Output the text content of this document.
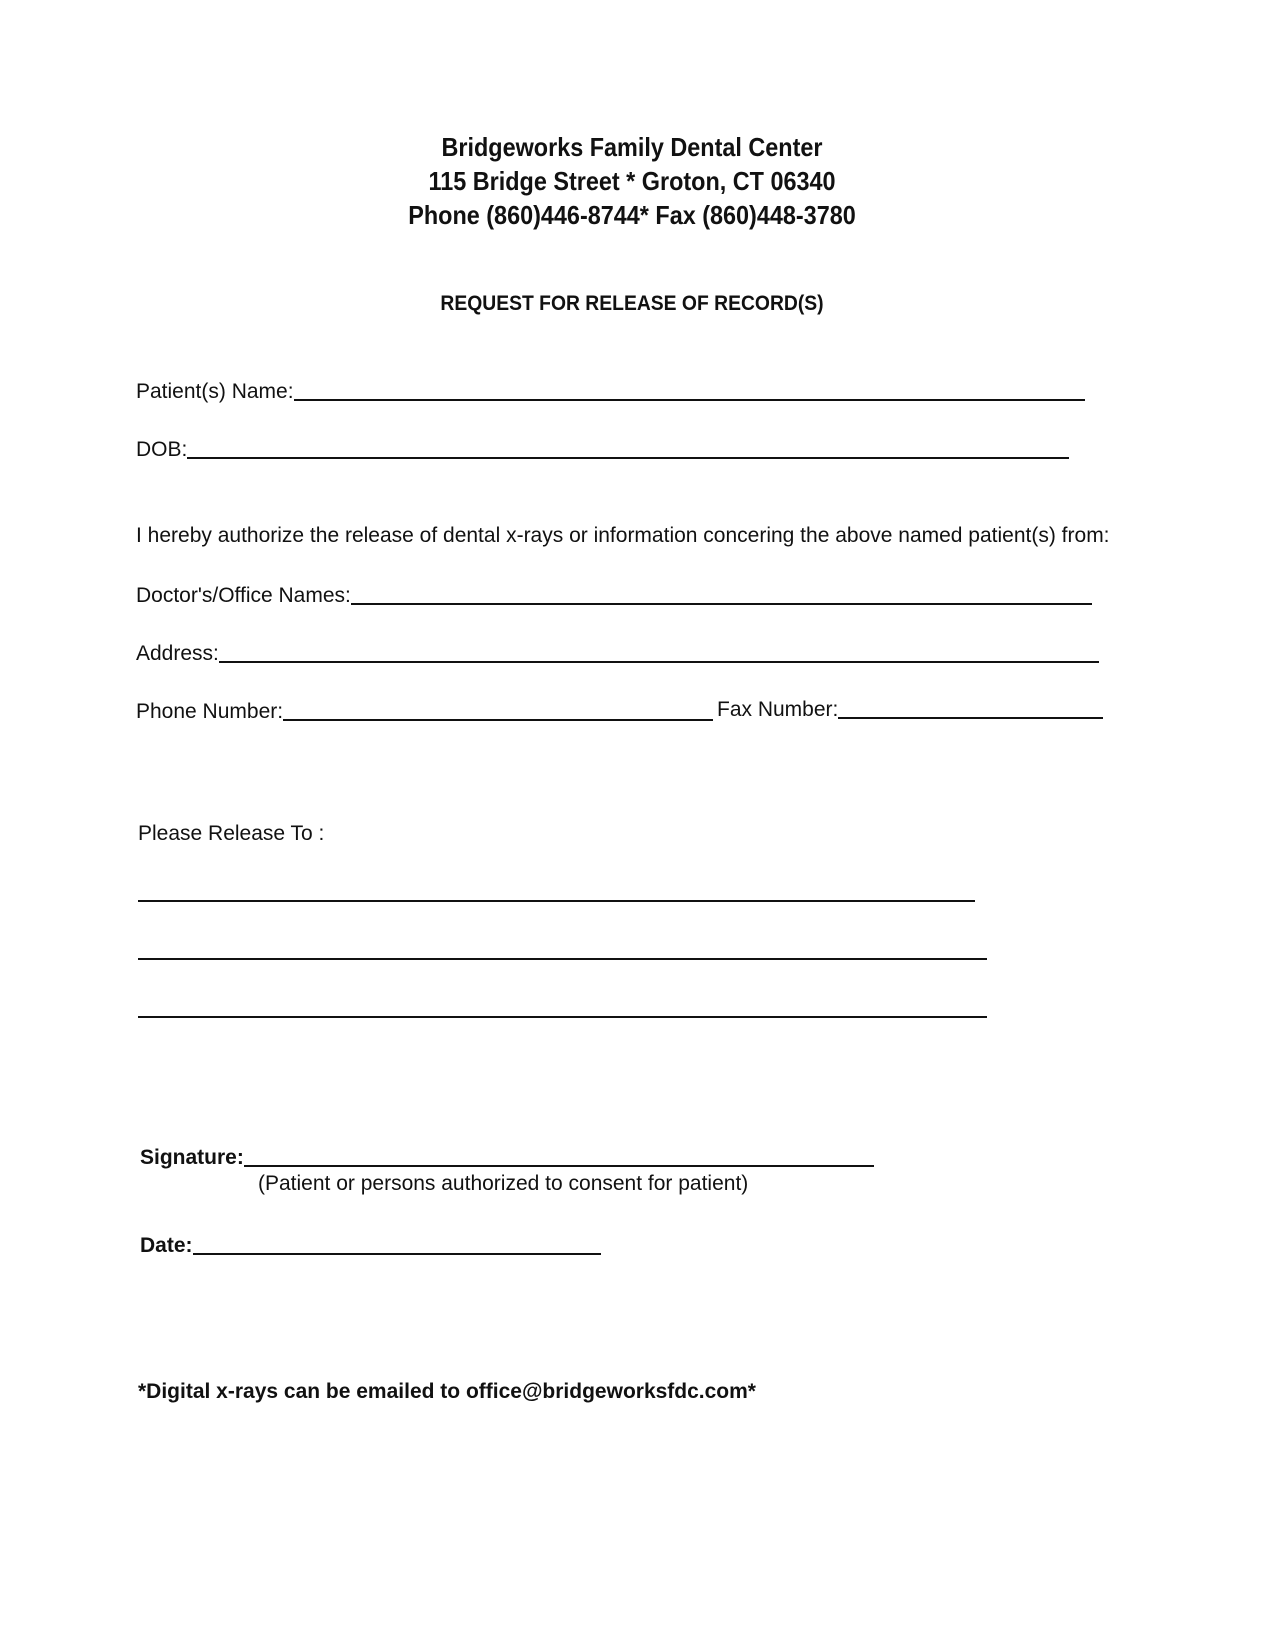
Bridgeworks Family Dental Center
115 Bridge Street * Groton, CT 06340
Phone (860)446-8744* Fax (860)448-3780
REQUEST FOR RELEASE OF RECORD(S)
Patient(s) Name:
DOB:
I hereby authorize the release of dental x-rays or information concering the above named patient(s) from:
Doctor's/Office Names:
Address:
Phone Number:	Fax Number:
Please Release To :
Signature:
(Patient or persons authorized to consent for patient)
Date:
*Digital x-rays can be emailed to office@bridgeworksfdc.com*
